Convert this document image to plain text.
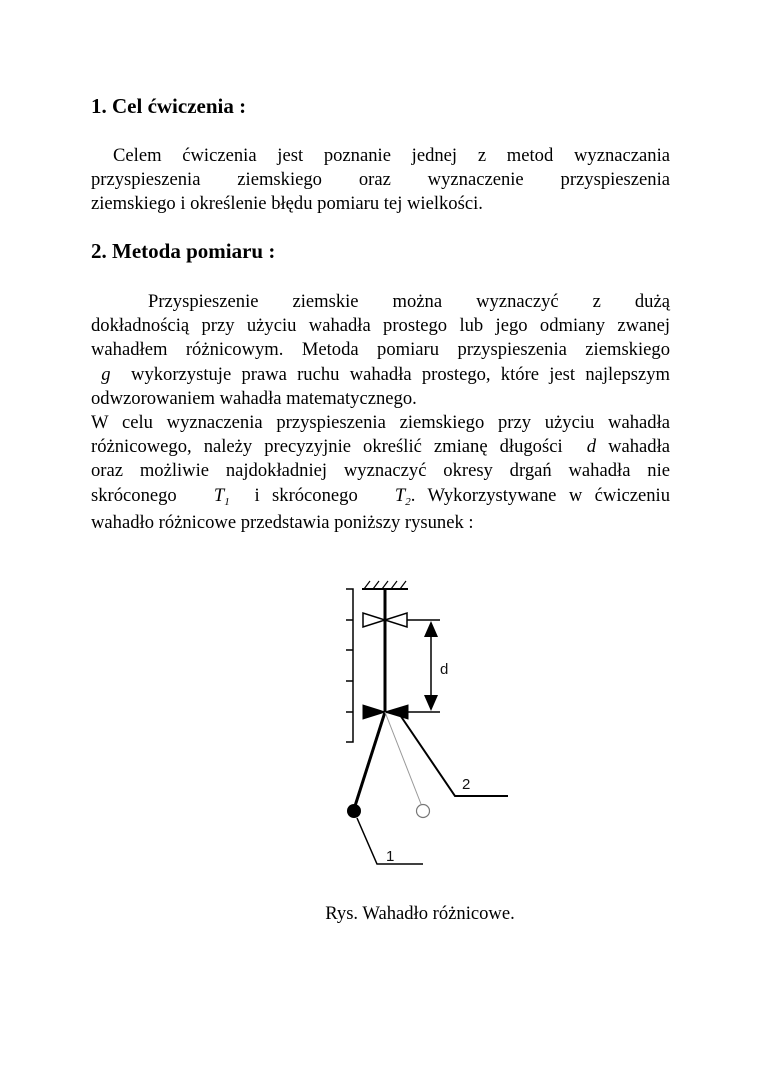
1. Cel ćwiczenia :
Celem ćwiczenia jest poznanie jednej z metod wyznaczania
przyspieszenia ziemskiego oraz wyznaczenie przyspieszenia
ziemskiego i określenie błędu pomiaru tej wielkości.
2. Metoda pomiaru :
Przyspieszenie ziemskie można wyznaczyć z dużą
dokładnością przy użyciu wahadła prostego lub jego odmiany zwanej
wahadłem różnicowym. Metoda pomiaru przyspieszenia ziemskiego
g wykorzystuje prawa ruchu wahadła prostego, które jest najlepszym
odwzorowaniem wahadła matematycznego.
W celu wyznaczenia przyspieszenia ziemskiego przy użyciu wahadła
różnicowego, należy precyzyjnie określić zmianę długości d wahadła
oraz możliwie najdokładniej wyznaczyć okresy drgań wahadła nie
skróconego $T_1$ i skróconego $T_2$. Wykorzystywane w ćwiczeniu
wahadło różnicowe przedstawia poniższy rysunek :
d
1
2

Rys. Wahadło różnicowe.
